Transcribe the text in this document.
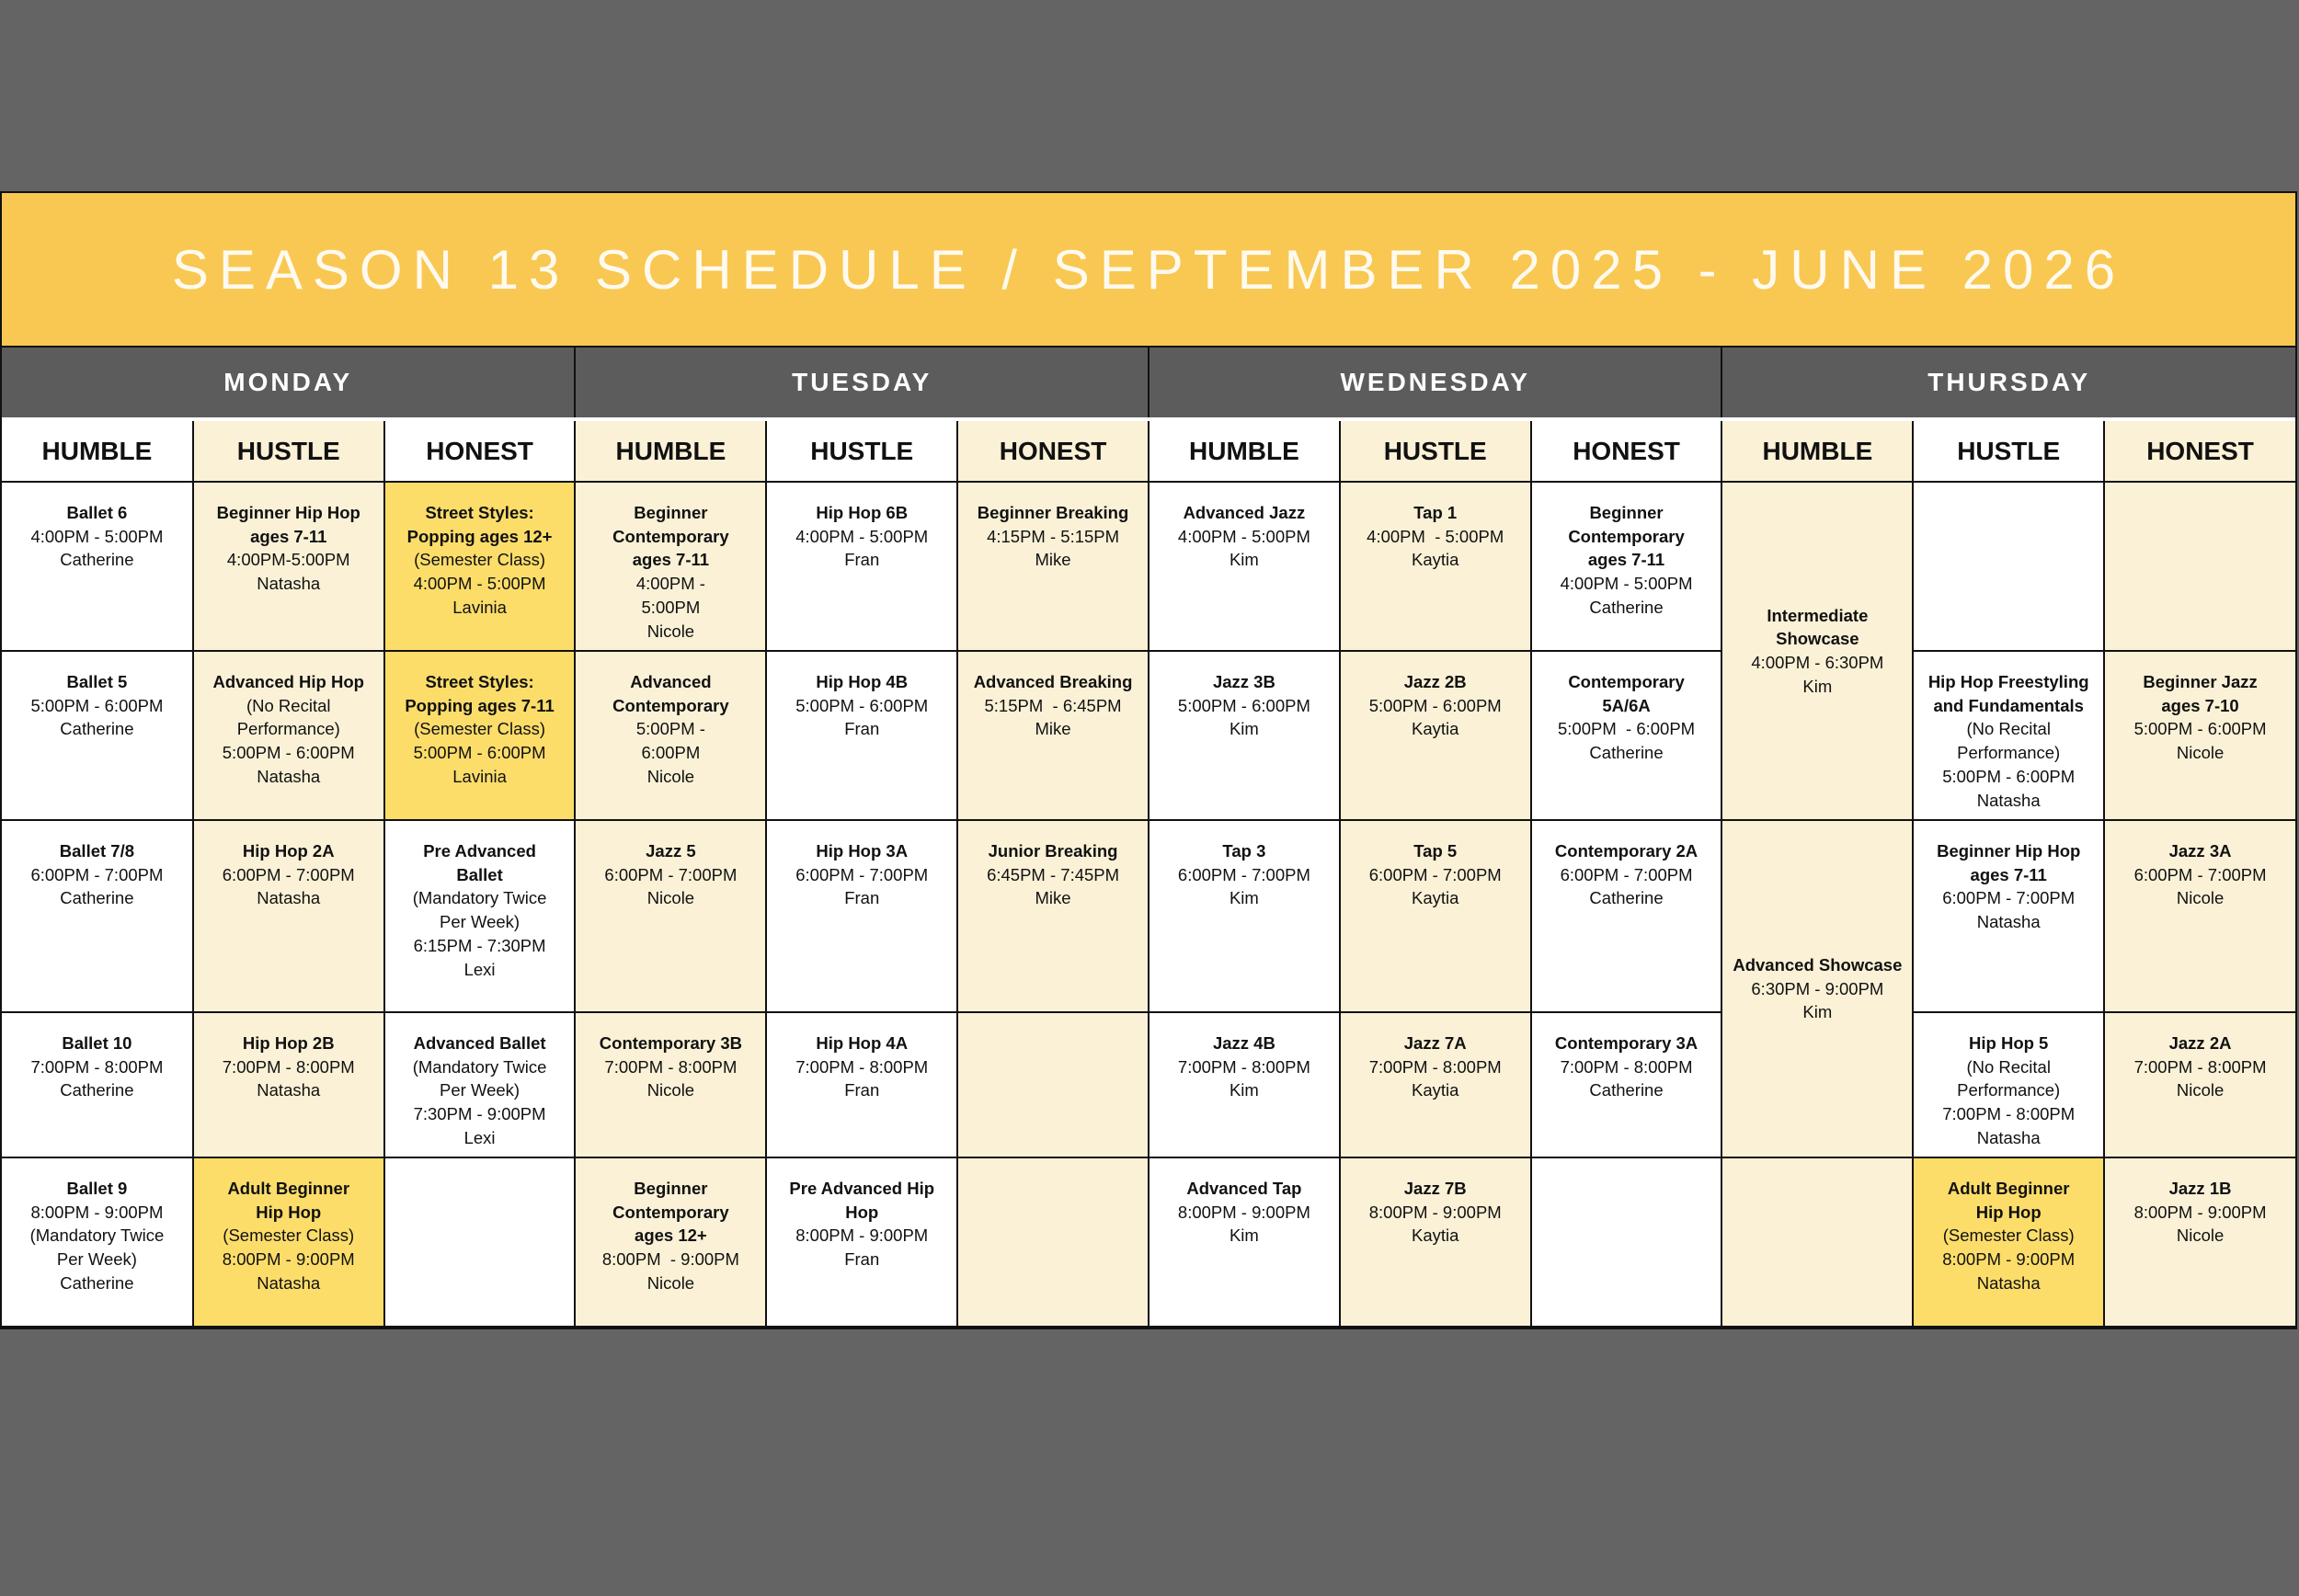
SEASON 13 SCHEDULE / SEPTEMBER 2025 - JUNE 2026
MONDAY			TUESDAY			WEDNESDAY			THURSDAY		
HUMBLE	HUSTLE	HONEST	HUMBLE	HUSTLE	HONEST	HUMBLE	HUSTLE	HONEST	HUMBLE	HUSTLE	HONEST

Ballet 6
4:00PM - 5:00PM
Catherine	Beginner Hip Hop ages 7-11
4:00PM-5:00PM
Natasha	Street Styles: Popping ages 12+
(Semester Class)
4:00PM - 5:00PM
Lavinia	Beginner Contemporary ages 7-11
4:00PM - 5:00PM
Nicole	Hip Hop 6B
4:00PM - 5:00PM
Fran	Beginner Breaking
4:15PM - 5:15PM
Mike	Advanced Jazz
4:00PM - 5:00PM
Kim	Tap 1
4:00PM  - 5:00PM
Kaytia	Beginner Contemporary ages 7-11
4:00PM - 5:00PM
Catherine	Intermediate Showcase
4:00PM - 6:30PM
Kim		

Ballet 5
5:00PM - 6:00PM
Catherine	Advanced Hip Hop
(No Recital Performance)
5:00PM - 6:00PM
Natasha	Street Styles: Popping ages 7-11
(Semester Class)
5:00PM - 6:00PM
Lavinia	Advanced Contemporary
5:00PM - 6:00PM
Nicole	Hip Hop 4B
5:00PM - 6:00PM
Fran	Advanced Breaking
5:15PM  - 6:45PM
Mike	Jazz 3B
5:00PM - 6:00PM
Kim	Jazz 2B
5:00PM - 6:00PM
Kaytia	Contemporary 5A/6A
5:00PM  - 6:00PM
Catherine		Hip Hop Freestyling and Fundamentals
(No Recital Performance)
5:00PM - 6:00PM
Natasha	Beginner Jazz ages 7-10
5:00PM - 6:00PM
Nicole

Ballet 7/8
6:00PM - 7:00PM
Catherine	Hip Hop 2A
6:00PM - 7:00PM
Natasha	Pre Advanced Ballet
(Mandatory Twice Per Week)
6:15PM - 7:30PM
Lexi	Jazz 5
6:00PM - 7:00PM
Nicole	Hip Hop 3A
6:00PM - 7:00PM
Fran	Junior Breaking
6:45PM - 7:45PM
Mike	Tap 3
6:00PM - 7:00PM
Kim	Tap 5
6:00PM - 7:00PM
Kaytia	Contemporary 2A
6:00PM - 7:00PM
Catherine	Advanced Showcase
6:30PM - 9:00PM
Kim	Beginner Hip Hop ages 7-11
6:00PM - 7:00PM
Natasha	Jazz 3A
6:00PM - 7:00PM
Nicole

Ballet 10
7:00PM - 8:00PM
Catherine	Hip Hop 2B
7:00PM - 8:00PM
Natasha	Advanced Ballet
(Mandatory Twice Per Week)
7:30PM - 9:00PM
Lexi	Contemporary 3B
7:00PM - 8:00PM
Nicole	Hip Hop 4A
7:00PM - 8:00PM
Fran		Jazz 4B
7:00PM - 8:00PM
Kim	Jazz 7A
7:00PM - 8:00PM
Kaytia	Contemporary 3A
7:00PM - 8:00PM
Catherine		Hip Hop 5
(No Recital Performance)
7:00PM - 8:00PM
Natasha	Jazz 2A
7:00PM - 8:00PM
Nicole

Ballet 9
8:00PM - 9:00PM
(Mandatory Twice Per Week)
Catherine	Adult Beginner Hip Hop
(Semester Class)
8:00PM - 9:00PM
Natasha		Beginner Contemporary ages 12+
8:00PM  - 9:00PM
Nicole	Pre Advanced Hip Hop
8:00PM - 9:00PM
Fran		Advanced Tap
8:00PM - 9:00PM
Kim	Jazz 7B
8:00PM - 9:00PM
Kaytia			Adult Beginner Hip Hop
(Semester Class)
8:00PM - 9:00PM
Natasha	Jazz 1B
8:00PM - 9:00PM
Nicole
